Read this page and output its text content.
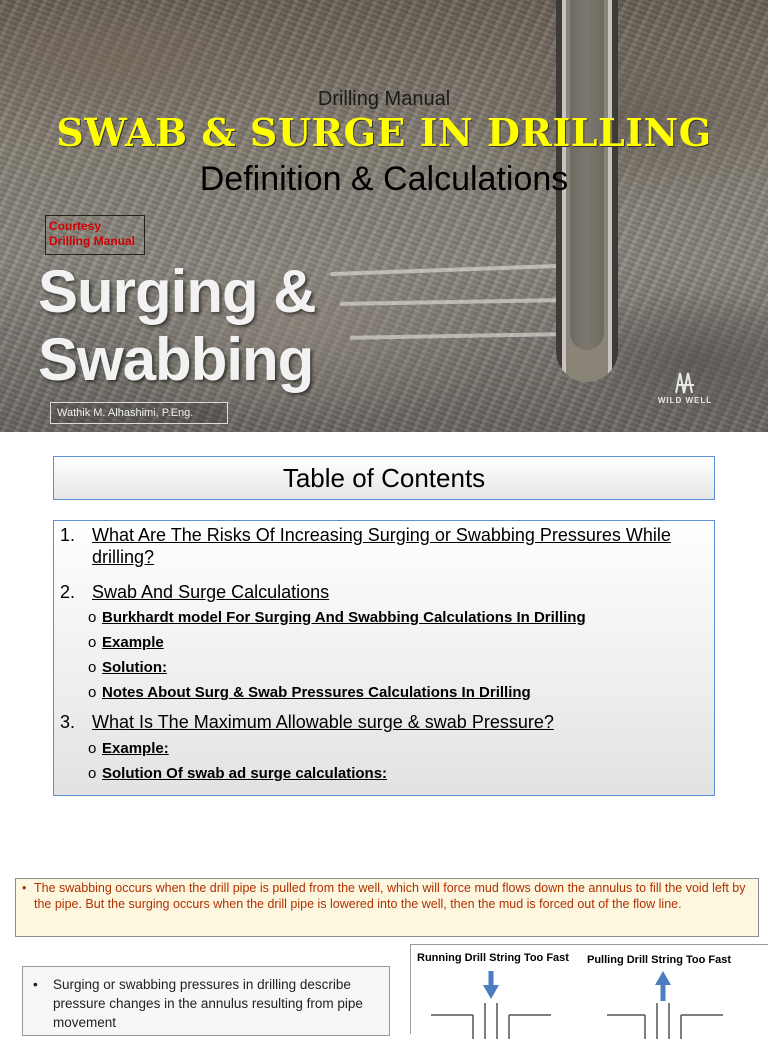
Drilling Manual
SWAB & SURGE IN DRILLING
Definition & Calculations
Courtesy Drilling Manual
Surging &
Swabbing
Wathik M. Alhashimi, P.Eng.
WILD WELL
Table of Contents
1. What Are The Risks Of Increasing Surging or Swabbing Pressures While drilling?
2. Swab And Surge Calculations
o Burkhardt model For Surging And Swabbing Calculations In Drilling
o Example
o Solution:
o Notes About Surg & Swab Pressures Calculations In Drilling
3. What Is The Maximum Allowable surge & swab Pressure?
o Example:
o Solution Of swab ad surge calculations:
• The swabbing occurs when the drill pipe is pulled from the well, which will force mud flows down the annulus to fill the void left by the pipe. But the surging occurs when the drill pipe is lowered into the well, then the mud is forced out of the flow line.
• Surging or swabbing pressures in drilling describe pressure changes in the annulus resulting from pipe movement
Running Drill String Too Fast Pulling Drill String Too Fast
